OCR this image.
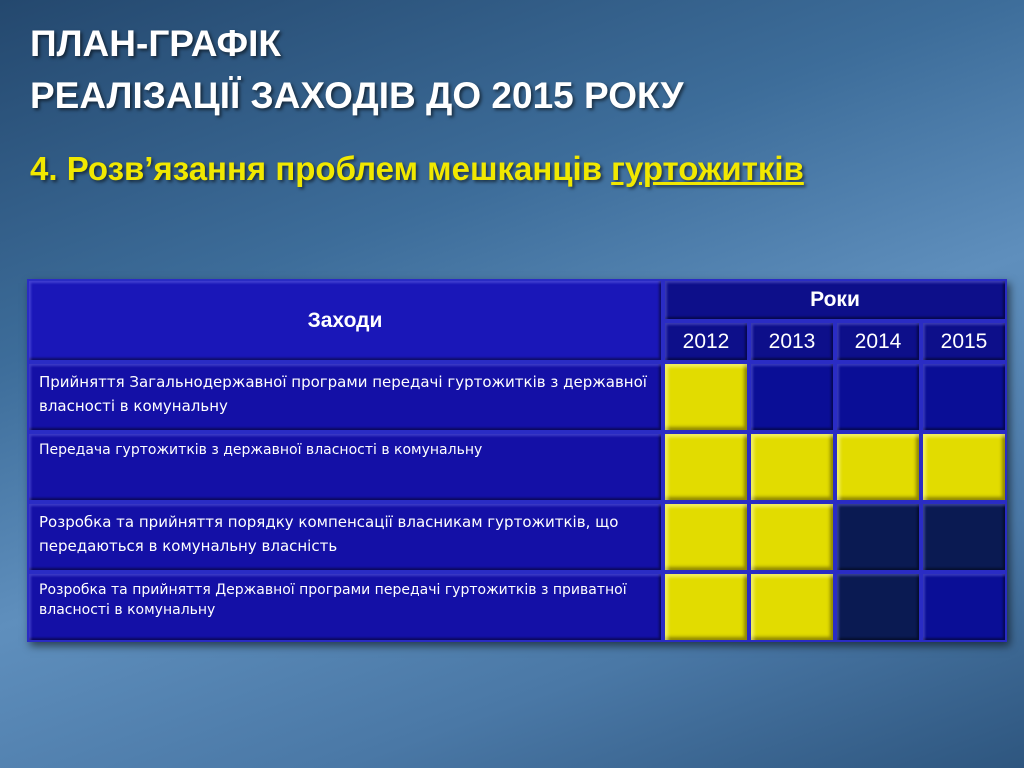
ПЛАН-ГРАФІК
РЕАЛІЗАЦІЇ ЗАХОДІВ ДО 2015 РОКУ
4. Розв’язання проблем мешканців гуртожитків
Заходи	Роки			
	2012	2013	2014	2015
Прийняття Загальнодержавної програми передачі гуртожитків з державної власності в комунальну				
Передача гуртожитків з державної власності в комунальну				
Розробка та прийняття порядку компенсації власникам гуртожитків, що передаються в комунальну власність				
Розробка та прийняття Державної програми передачі гуртожитків з приватної власності в комунальну				
